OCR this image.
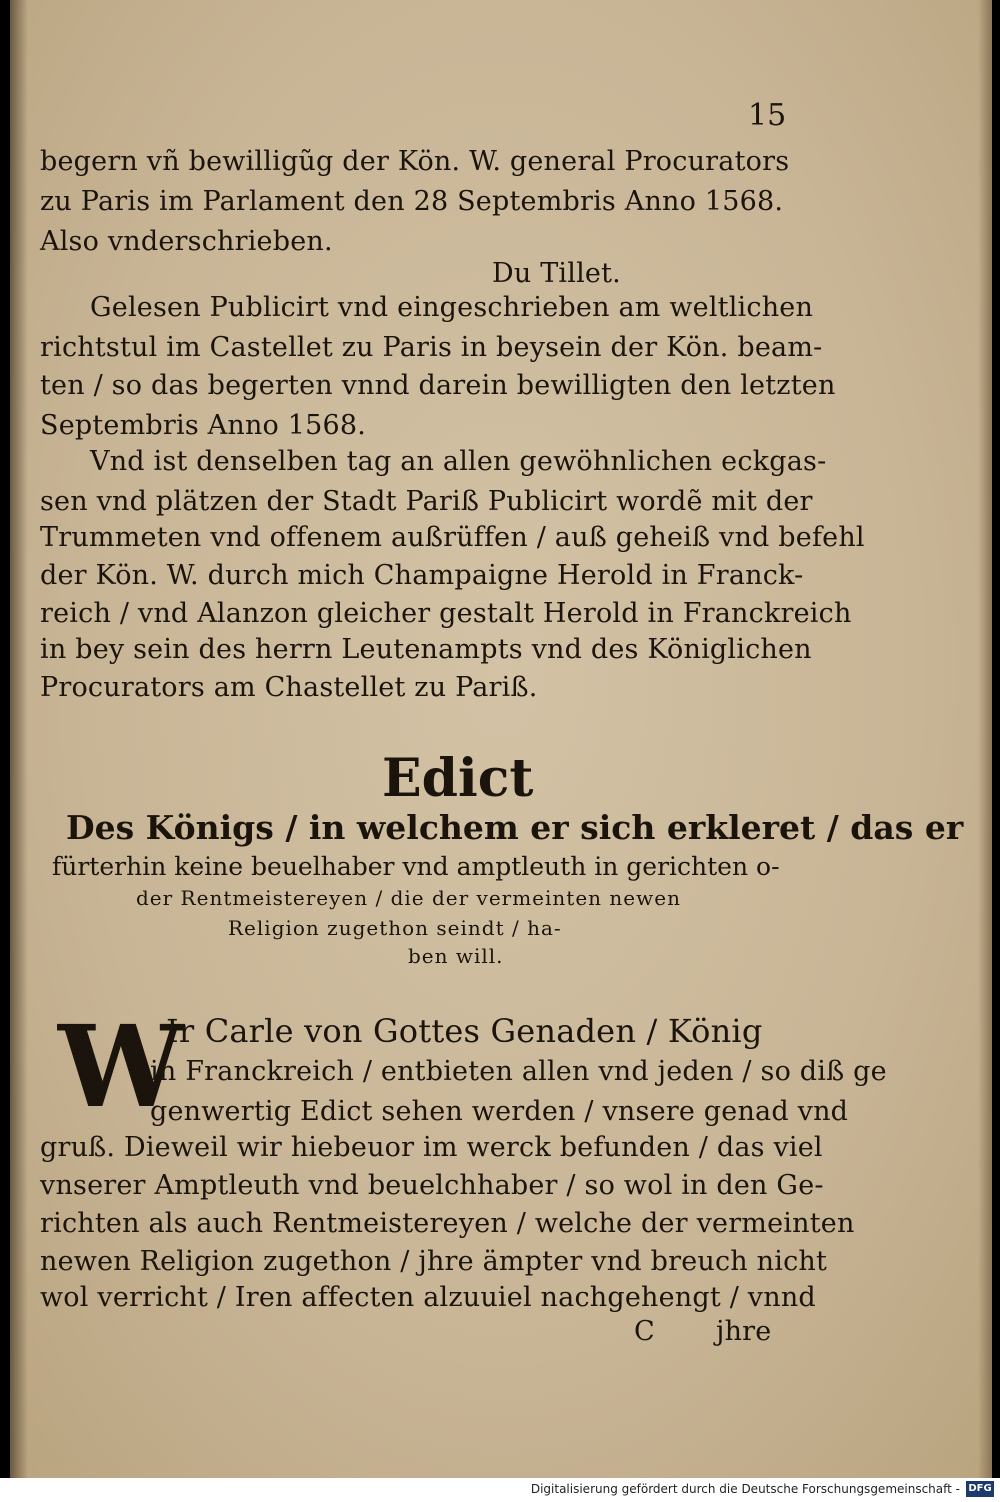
15
begern vñ bewilligũg der Kön. W. general Procurators
zu Paris im Parlament den 28 Septembris Anno 1568.
Also vnderschrieben.
Du Tillet.
Gelesen Publicirt vnd eingeschrieben am weltlichen
richtstul im Castellet zu Paris in beysein der Kön. beam-
ten / so das begerten vnnd darein bewilligten den letzten
Septembris Anno 1568.
Vnd ist denselben tag an allen gewöhnlichen eckgas-
sen vnd plätzen der Stadt Pariß Publicirt wordẽ mit der
Trummeten vnd offenem außrüffen / auß geheiß vnd befehl
der Kön. W. durch mich Champaigne Herold in Franck-
reich / vnd Alanzon gleicher gestalt Herold in Franckreich
in bey sein des herrn Leutenampts vnd des Königlichen
Procurators am Chastellet zu Pariß.
Edict
Des Königs / in welchem er sich erkleret / das er
fürterhin keine beuelhaber vnd amptleuth in gerichten o-
der Rentmeistereyen / die der vermeinten newen
Religion zugethon seindt / ha-
ben will.
W
Ir Carle von Gottes Genaden / König
in Franckreich / entbieten allen vnd jeden / so diß ge
genwertig Edict sehen werden / vnsere genad vnd
gruß. Dieweil wir hiebeuor im werck befunden / das viel
vnserer Amptleuth vnd beuelchhaber / so wol in den Ge-
richten als auch Rentmeistereyen / welche der vermeinten
newen Religion zugethon / jhre ämpter vnd breuch nicht
wol verricht / Iren affecten alzuuiel nachgehengt / vnnd
C jhre
Digitalisierung gefördert durch die Deutsche Forschungsgemeinschaft - DFG
